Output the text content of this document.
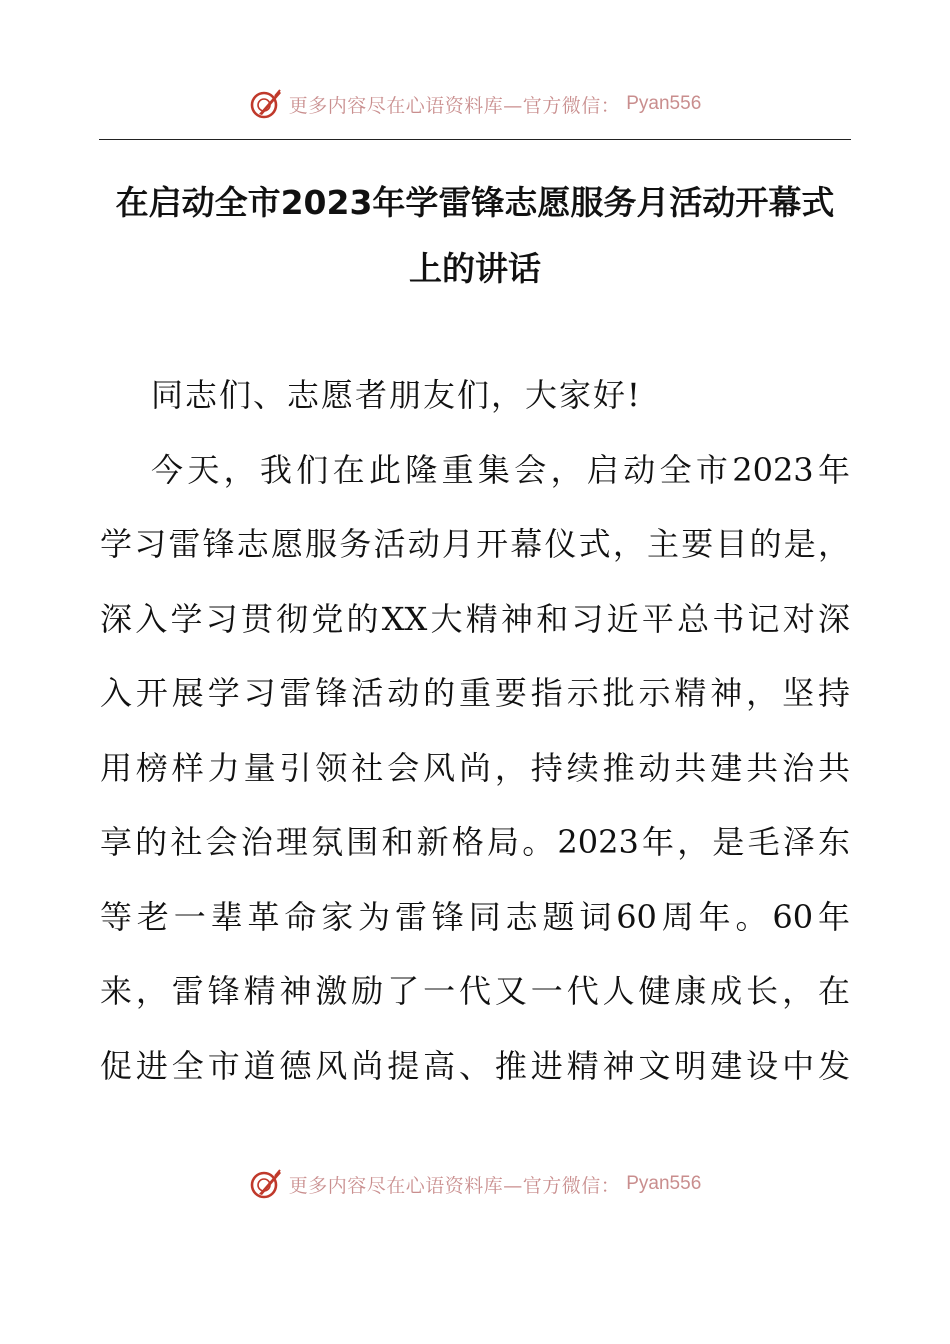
更多内容尽在心语资料库—官方微信： Pyan556
在启动全市2023年学雷锋志愿服务月活动开幕式
上的讲话
同志们、志愿者朋友们，大家好!
今天，我们在此隆重集会，启动全市2023年
学习雷锋志愿服务活动月开幕仪式，主要目的是，
深入学习贯彻党的XX大精神和习近平总书记对深
入开展学习雷锋活动的重要指示批示精神，坚持
用榜样力量引领社会风尚，持续推动共建共治共
享的社会治理氛围和新格局。2023年，是毛泽东
等老一辈革命家为雷锋同志题词60周年。60年
来，雷锋精神激励了一代又一代人健康成长，在
促进全市道德风尚提高、推进精神文明建设中发
更多内容尽在心语资料库—官方微信： Pyan556
